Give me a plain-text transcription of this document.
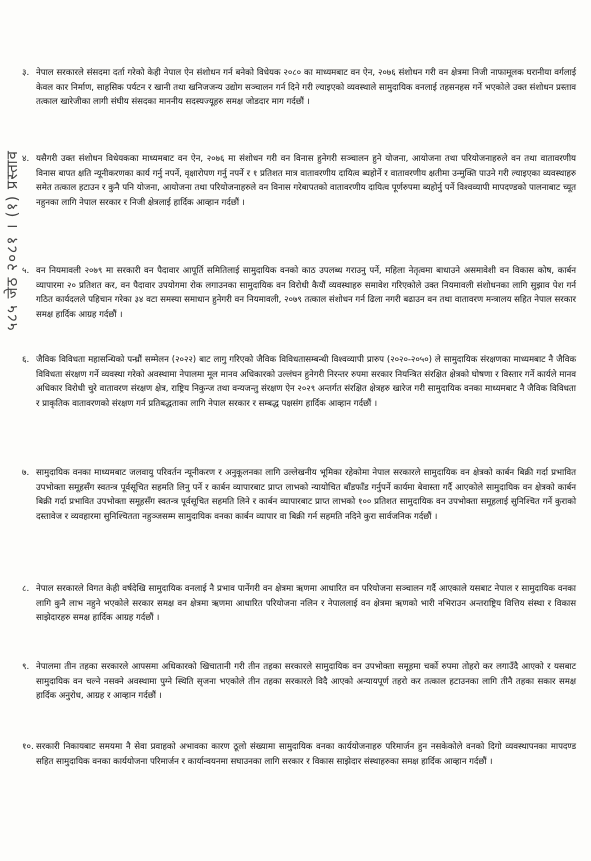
५८५ जेठ २०८१ । (१) प्रस्ताव
३. नेपाल सरकारले संसदमा दर्ता गरेको केही नेपाल ऐन संशोधन गर्न बनेको विधेयक २०८० का माध्यमबाट वन ऐन, २०७६ संशोधन गरी वन क्षेत्रमा निजी नाफामूलक घरानीया वर्गलाई केवल कार निर्माण, साहसिक पर्यटन र खानी तथा खनिजजन्य उद्योग सञ्चालन गर्न दिने गरी ल्याइएको व्यवस्थाले सामुदायिक वनलाई तहसनहस गर्ने भएकोले उक्त संशोधन प्रस्ताव तत्काल खारेजीका लागी संघीय संसदका माननीय सदस्यज्यूहरु समक्ष जोडदार माग गर्दछौं ।

४. यसैगरी उक्त संशोधन विधेयकका माध्यमबाट वन ऐन, २०७६ मा संशोधन गरी वन विनास हुनेगरी सञ्चालन हुने योजना, आयोजना तथा परियोजनाहरुले वन तथा वातावरणीय विनास बापत क्षति न्यूनीकरणका कार्य गर्नु नपर्ने, वृक्षारोपण गर्नु नपर्ने र १ प्रतिशत मात्र वातावरणीय दायित्व ब्यहोर्ने र वातावरणीय क्षतीमा उन्मुक्ति पाउने गरी ल्याइएका व्यवस्थाहरु समेत तत्काल हटाउन र कुनै पनि योजना, आयोजना तथा परियोजनाहरुले वन विनास गरेबापतको वातावरणीय दायित्व पूर्णरुपमा ब्यहोर्नु पर्ने विश्वव्यापी मापदण्डको पालनाबाट च्यूत नहुनका लागि नेपाल सरकार र निजी क्षेत्रलाई हार्दिक आव्हान गर्दछौं ।

५. वन नियमावली २०७९ मा सरकारी वन पैदावार आपूर्ति समितिलाई सामुदायिक वनको काठ उपलब्ध गराउनु पर्ने, महिला नेतृत्वमा बाधाउने असमावेशी वन विकास कोष, कार्बन व्यापारमा २० प्रतिशत कर, वन पैदावार उपयोगमा रोक लगाउनका सामुदायिक वन विरोधी कैयौं व्यवस्थाहरु समावेश गरिएकोले उक्त नियमावली संशोधनका लागि सुझाव पेश गर्न गठित कार्यदलले पहिचान गरेका ३४ वटा समस्या समाधान हुनेगरी वन नियमावली, २०७९ तत्काल संशोधन गर्न ढिला नगरी बढाउन वन तथा वातावरण मन्त्रालय सहित नेपाल सरकार समक्ष हार्दिक आग्रह गर्दछौं ।

६. जैविक विविधता महासन्धिको पन्ध्रौं सम्मेलन (२०२२) बाट लागु गरिएको जैविक विविधतासम्बन्धी विश्वव्यापी प्रारुप (२०२०-२०५०) ले सामुदायिक संरक्षणका माध्यमबाट नै जैविक विविधता संरक्षण गर्ने व्यवस्था गरेको अवस्थामा नेपालमा मूल मानव अधिकारको उल्लंघन हुनेगरी निरन्तर रुपमा सरकार नियन्त्रित संरक्षित क्षेत्रको घोषणा र विस्तार गर्ने कार्यले मानव अधिकार विरोधी चुरे वातावरण संरक्षण क्षेत्र, राष्ट्रिय निकुन्ज तथा वन्यजन्तु संरक्षण ऐन २०२९ अन्तर्गत संरक्षित क्षेत्रहरु खारेज गरी सामुदायिक वनका माध्यमबाट नै जैविक विविधता र प्राकृतिक वातावरणको संरक्षण गर्न प्रतिबद्धताका लागि नेपाल सरकार र सम्बद्ध पक्षसंग हार्दिक आव्हान गर्दछौं ।

७. सामुदायिक वनका माध्यमबाट जलवायु परिवर्तन न्यूनीकरण र अनुकूलनका लागि उल्लेखनीय भूमिका रहेकोमा नेपाल सरकारले सामुदायिक वन क्षेत्रको कार्बन बिक्री गर्दा प्रभावित उपभोक्ता समूहसँग स्वतन्त्र पूर्वसूचित सहमति लिनु पर्ने र कार्बन व्यापारबाट प्राप्त लाभको न्यायोचित बाँडफाँड गर्नुपर्ने कार्यमा बेवास्ता गर्दै आएकोले सामुदायिक वन क्षेत्रको कार्बन बिक्री गर्दा प्रभावित उपभोक्ता समूहसँग स्वतन्त्र पूर्वसूचित सहमति लिने र कार्बन व्यापारबाट प्राप्त लाभको १०० प्रतिशत सामुदायिक वन उपभोक्ता समूहलाई सुनिश्चित गर्ने कुराको दस्तावेज र व्यवहारमा सुनिश्चितता नहुञ्जसम्म सामुदायिक वनका कार्बन व्यापार वा बिक्री गर्न सहमति नदिने कुरा सार्वजनिक गर्दछौं ।

८. नेपाल सरकारले विगत केही वर्षदेखि सामुदायिक वनलाई नै प्रभाव पार्नेगरी वन क्षेत्रमा ऋणमा आधारित वन परियोजना सञ्चालन गर्दै आएकाले यसबाट नेपाल र सामुदायिक वनका लागि कुनै लाभ नहुने भएकोले सरकार समक्ष वन क्षेत्रमा ऋणमा आधारित परियोजना नलिन र नेपाललाई वन क्षेत्रमा ऋणको भारी नभिराउन अन्तराष्ट्रिय वित्तिय संस्था र विकास साझेदारहरु समक्ष हार्दिक आग्रह गर्दछौं ।

९. नेपालमा तीन तहका सरकारले आपसमा अधिकारको खिचातानी गरी तीन तहका सरकारले सामुदायिक वन उपभोक्ता समूहमा चर्को रुपमा तोहरो कर लगाउँदै आएको र यसबाट सामुदायिक वन चल्ने नसक्ने अवस्थामा पुग्ने स्थिति सृजना भएकोले तीन तहका सरकारले विदै आएको अन्यायपूर्ण तहरो कर तत्काल हटाउनका लागि तीनै तहका सकार समक्ष हार्दिक अनुरोध, आग्रह र आव्हान गर्दछौं ।

१०. सरकारी निकायबाट समयमा नै सेवा प्रवाहको अभावका कारण ठूलो संख्यामा सामुदायिक वनका कार्ययोजनाहरु परिमार्जन हुन नसकेकोले वनको दिगो व्यवस्थापनका मापदण्ड सहित सामुदायिक वनका कार्ययोजना परिमार्जन र कार्यान्वयनमा सघाउनका लागि सरकार र विकास साझेदार संस्थाहरुका समक्ष हार्दिक आव्हान गर्दछौं ।
